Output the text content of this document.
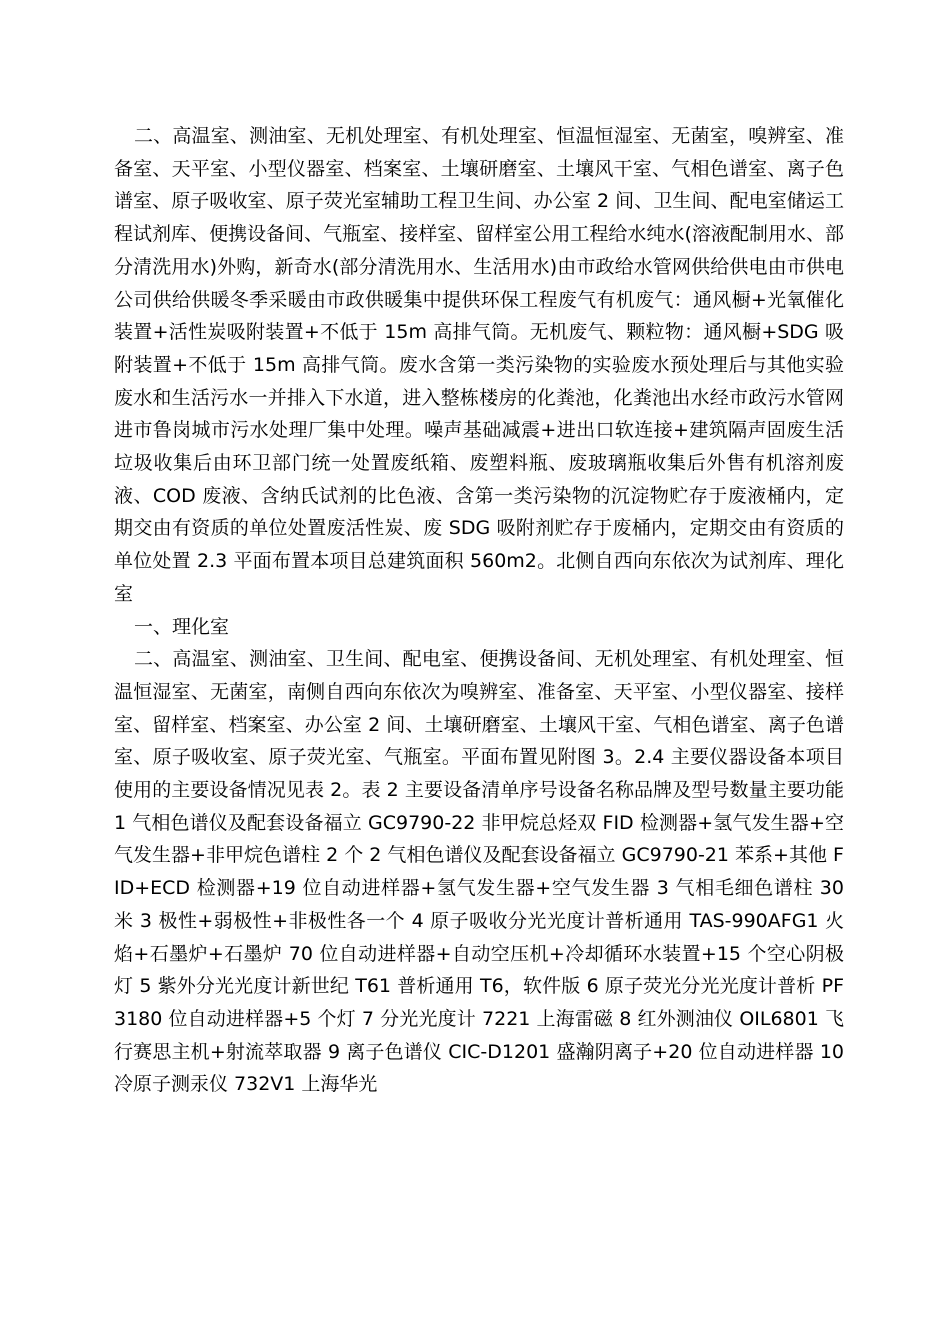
二、高温室、测油室、无机处理室、有机处理室、恒温恒湿室、无菌室，嗅辨室、准备室、天平室、小型仪器室、档案室、土壤研磨室、土壤风干室、气相色谱室、离子色谱室、原子吸收室、原子荧光室辅助工程卫生间、办公室 2 间、卫生间、配电室储运工程试剂库、便携设备间、气瓶室、接样室、留样室公用工程给水纯水(溶液配制用水、部分清洗用水)外购，新奇水(部分清洗用水、生活用水)由市政给水管网供给供电由市供电公司供给供暖冬季采暖由市政供暖集中提供环保工程废气有机废气：通风橱+光氧催化装置+活性炭吸附装置+不低于 15m 高排气筒。无机废气、颗粒物：通风橱+SDG 吸附装置+不低于 15m 高排气筒。废水含第一类污染物的实验废水预处理后与其他实验废水和生活污水一并排入下水道，进入整栋楼房的化粪池，化粪池出水经市政污水管网进市鲁岗城市污水处理厂集中处理。噪声基础减震+进出口软连接+建筑隔声固废生活垃圾收集后由环卫部门统一处置废纸箱、废塑料瓶、废玻璃瓶收集后外售有机溶剂废液、COD 废液、含纳氏试剂的比色液、含第一类污染物的沉淀物贮存于废液桶内，定期交由有资质的单位处置废活性炭、废 SDG 吸附剂贮存于废桶内，定期交由有资质的单位处置 2.3 平面布置本项目总建筑面积 560m2。北侧自西向东依次为试剂库、理化室

一、理化室

二、高温室、测油室、卫生间、配电室、便携设备间、无机处理室、有机处理室、恒温恒湿室、无菌室，南侧自西向东依次为嗅辨室、准备室、天平室、小型仪器室、接样室、留样室、档案室、办公室 2 间、土壤研磨室、土壤风干室、气相色谱室、离子色谱室、原子吸收室、原子荧光室、气瓶室。平面布置见附图 3。2.4 主要仪器设备本项目使用的主要设备情况见表 2。表 2 主要设备清单序号设备名称品牌及型号数量主要功能 1 气相色谱仪及配套设备福立 GC9790-22 非甲烷总烃双 FID 检测器+氢气发生器+空气发生器+非甲烷色谱柱 2 个 2 气相色谱仪及配套设备福立 GC9790-21 苯系+其他 FID+ECD 检测器+19 位自动进样器+氢气发生器+空气发生器 3 气相毛细色谱柱 30 米 3 极性+弱极性+非极性各一个 4 原子吸收分光光度计普析通用 TAS-990AFG1 火焰+石墨炉+石墨炉 70 位自动进样器+自动空压机+冷却循环水装置+15 个空心阴极灯 5 紫外分光光度计新世纪 T61 普析通用 T6，软件版 6 原子荧光分光光度计普析 PF3180 位自动进样器+5 个灯 7 分光光度计 7221 上海雷磁 8 红外测油仪 OIL6801 飞行赛思主机+射流萃取器 9 离子色谱仪 CIC-D1201 盛瀚阴离子+20 位自动进样器 10 冷原子测汞仪 732V1 上海华光
